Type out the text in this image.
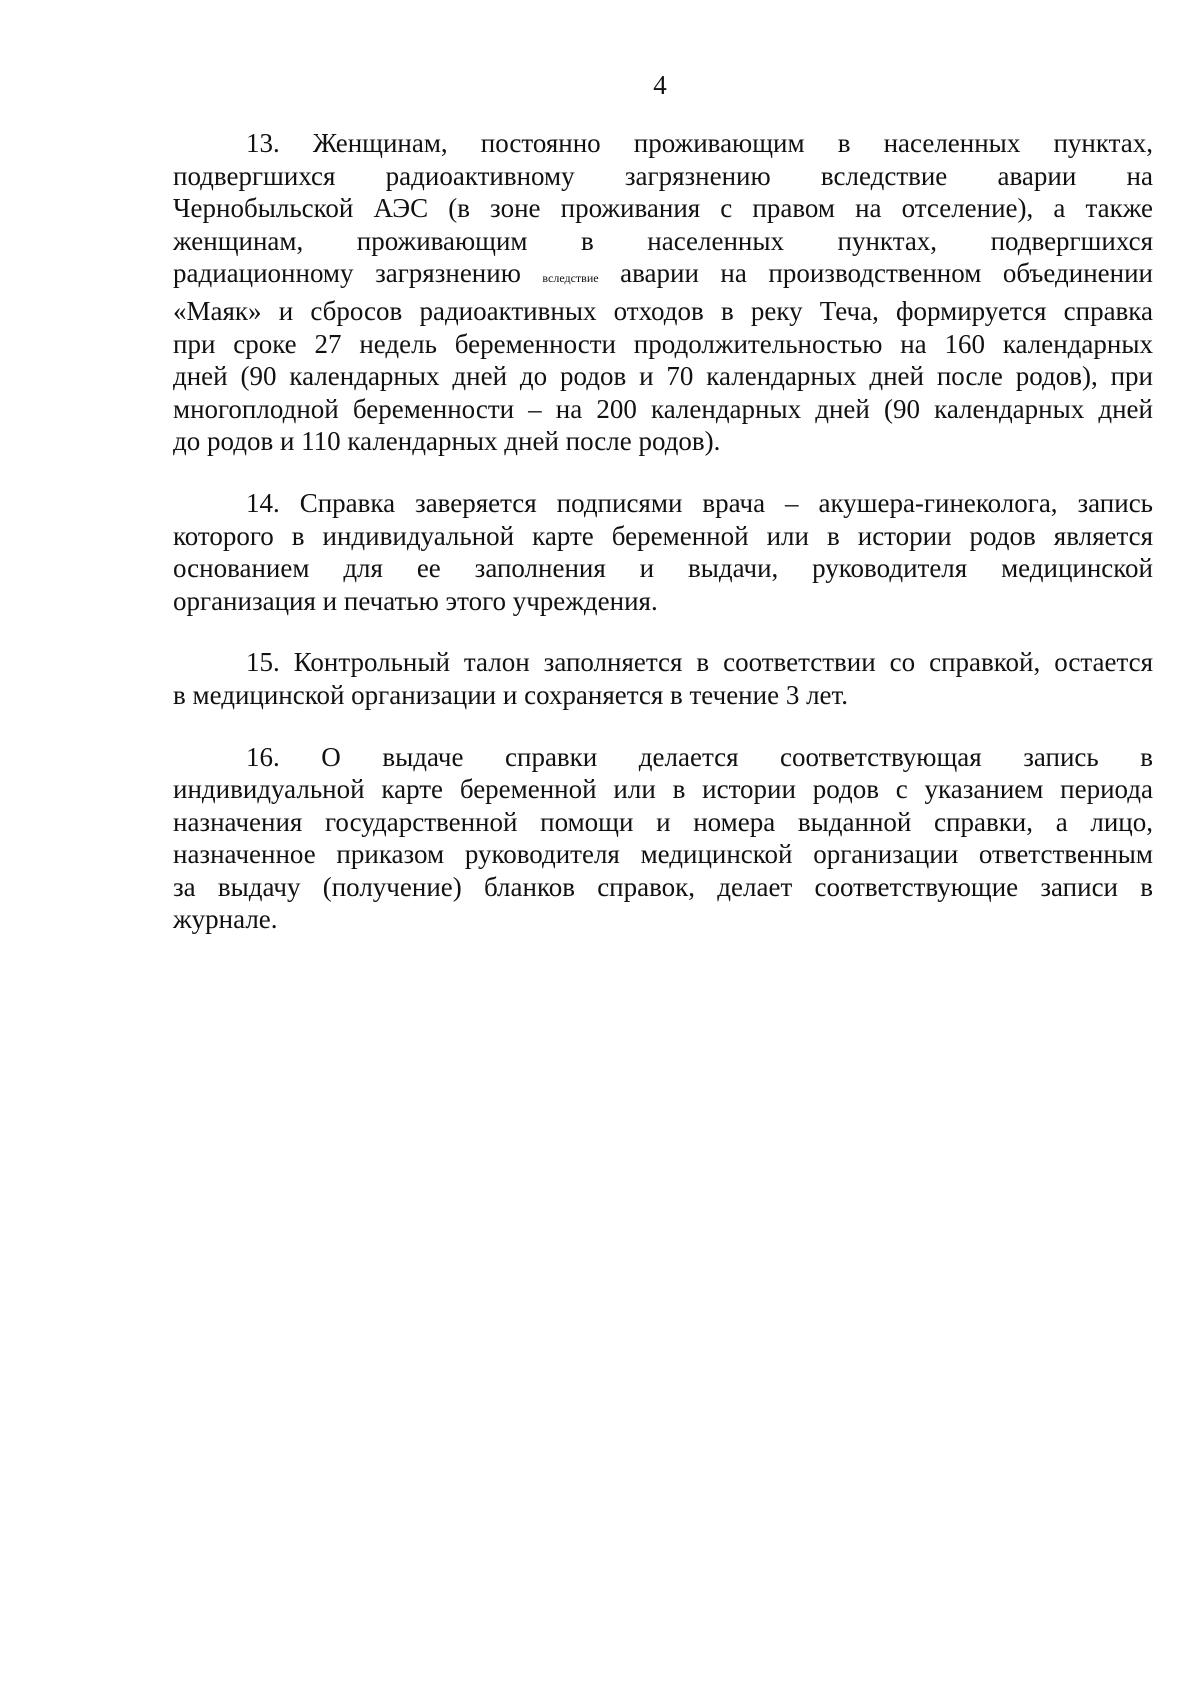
4

13. Женщинам, постоянно проживающим в населенных пунктах,
подвергшихся радиоактивному загрязнению вследствие аварии на
Чернобыльской АЭС (в зоне проживания с правом на отселение), а также
женщинам, проживающим в населенных пунктах, подвергшихся
радиационному загрязнению вследствие аварии на производственном объединении
«Маяк» и сбросов радиоактивных отходов в реку Теча, формируется справка
при сроке 27 недель беременности продолжительностью на 160 календарных
дней (90 календарных дней до родов и 70 календарных дней после родов), при
многоплодной беременности – на 200 календарных дней (90 календарных дней
до родов и 110 календарных дней после родов).

14. Справка заверяется подписями врача – акушера-гинеколога, запись
которого в индивидуальной карте беременной или в истории родов является
основанием для ее заполнения и выдачи, руководителя медицинской
организация и печатью этого учреждения.

15. Контрольный талон заполняется в соответствии со справкой, остается
в медицинской организации и сохраняется в течение 3 лет.

16. О выдаче справки делается соответствующая запись в
индивидуальной карте беременной или в истории родов с указанием периода
назначения государственной помощи и номера выданной справки, а лицо,
назначенное приказом руководителя медицинской организации ответственным
за выдачу (получение) бланков справок, делает соответствующие записи в
журнале.
